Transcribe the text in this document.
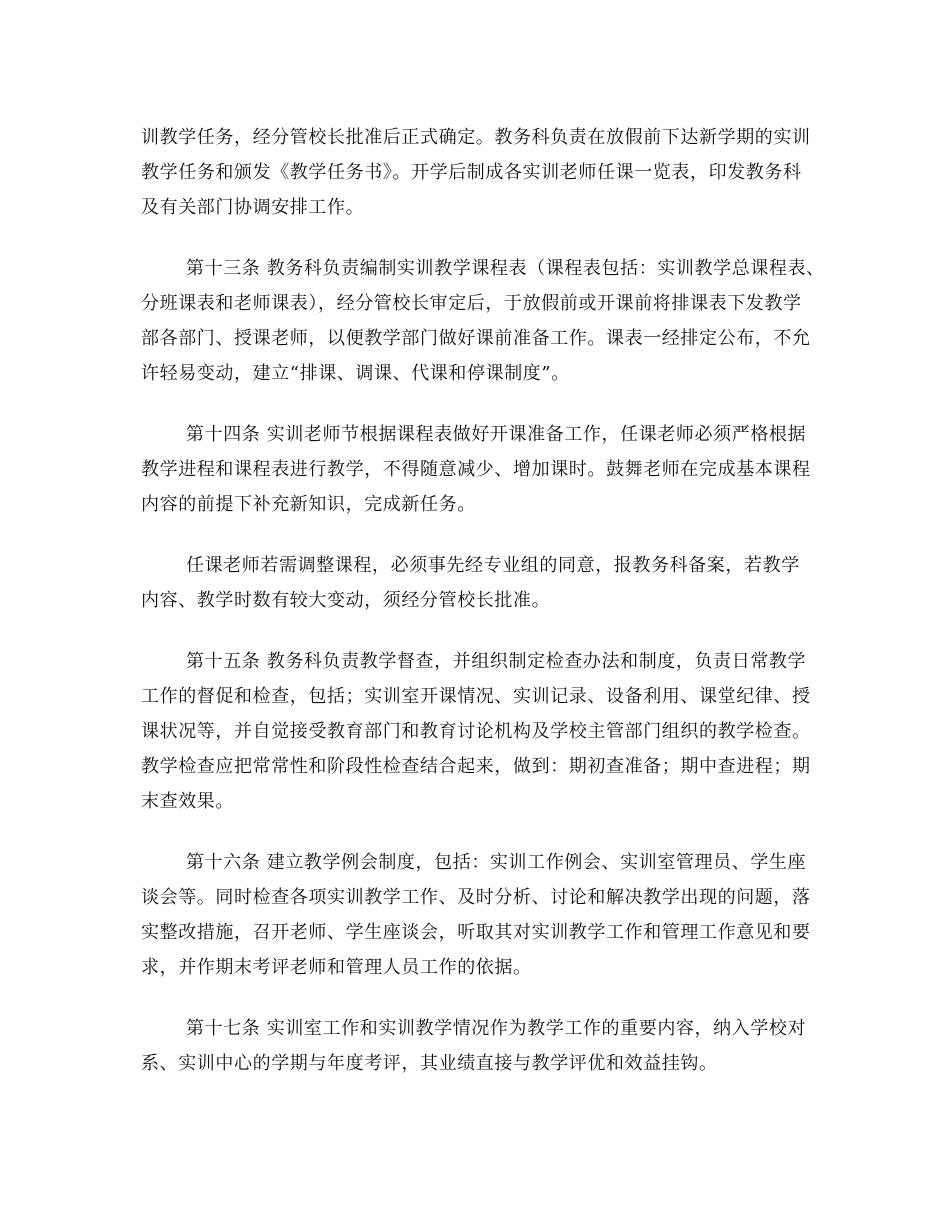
训教学任务，经分管校长批准后正式确定。教务科负责在放假前下达新学期的实训
教学任务和颁发《教学任务书》。开学后制成各实训老师任课一览表，印发教务科
及有关部门协调安排工作。
第十三条 教务科负责编制实训教学课程表（课程表包括：实训教学总课程表、
分班课表和老师课表），经分管校长审定后，于放假前或开课前将排课表下发教学
部各部门、授课老师，以便教学部门做好课前准备工作。课表一经排定公布，不允
许轻易变动，建立“排课、调课、代课和停课制度”。
第十四条 实训老师节根据课程表做好开课准备工作，任课老师必须严格根据
教学进程和课程表进行教学，不得随意减少、增加课时。鼓舞老师在完成基本课程
内容的前提下补充新知识，完成新任务。
任课老师若需调整课程，必须事先经专业组的同意，报教务科备案，若教学
内容、教学时数有较大变动，须经分管校长批准。
第十五条 教务科负责教学督查，并组织制定检查办法和制度，负责日常教学
工作的督促和检查，包括；实训室开课情况、实训记录、设备利用、课堂纪律、授
课状况等，并自觉接受教育部门和教育讨论机构及学校主管部门组织的教学检查。
教学检查应把常常性和阶段性检查结合起来，做到：期初查准备；期中查进程；期
末查效果。
第十六条 建立教学例会制度，包括：实训工作例会、实训室管理员、学生座
谈会等。同时检查各项实训教学工作、及时分析、讨论和解决教学出现的问题，落
实整改措施，召开老师、学生座谈会，听取其对实训教学工作和管理工作意见和要
求，并作期末考评老师和管理人员工作的依据。
第十七条 实训室工作和实训教学情况作为教学工作的重要内容，纳入学校对
系、实训中心的学期与年度考评，其业绩直接与教学评优和效益挂钩。
